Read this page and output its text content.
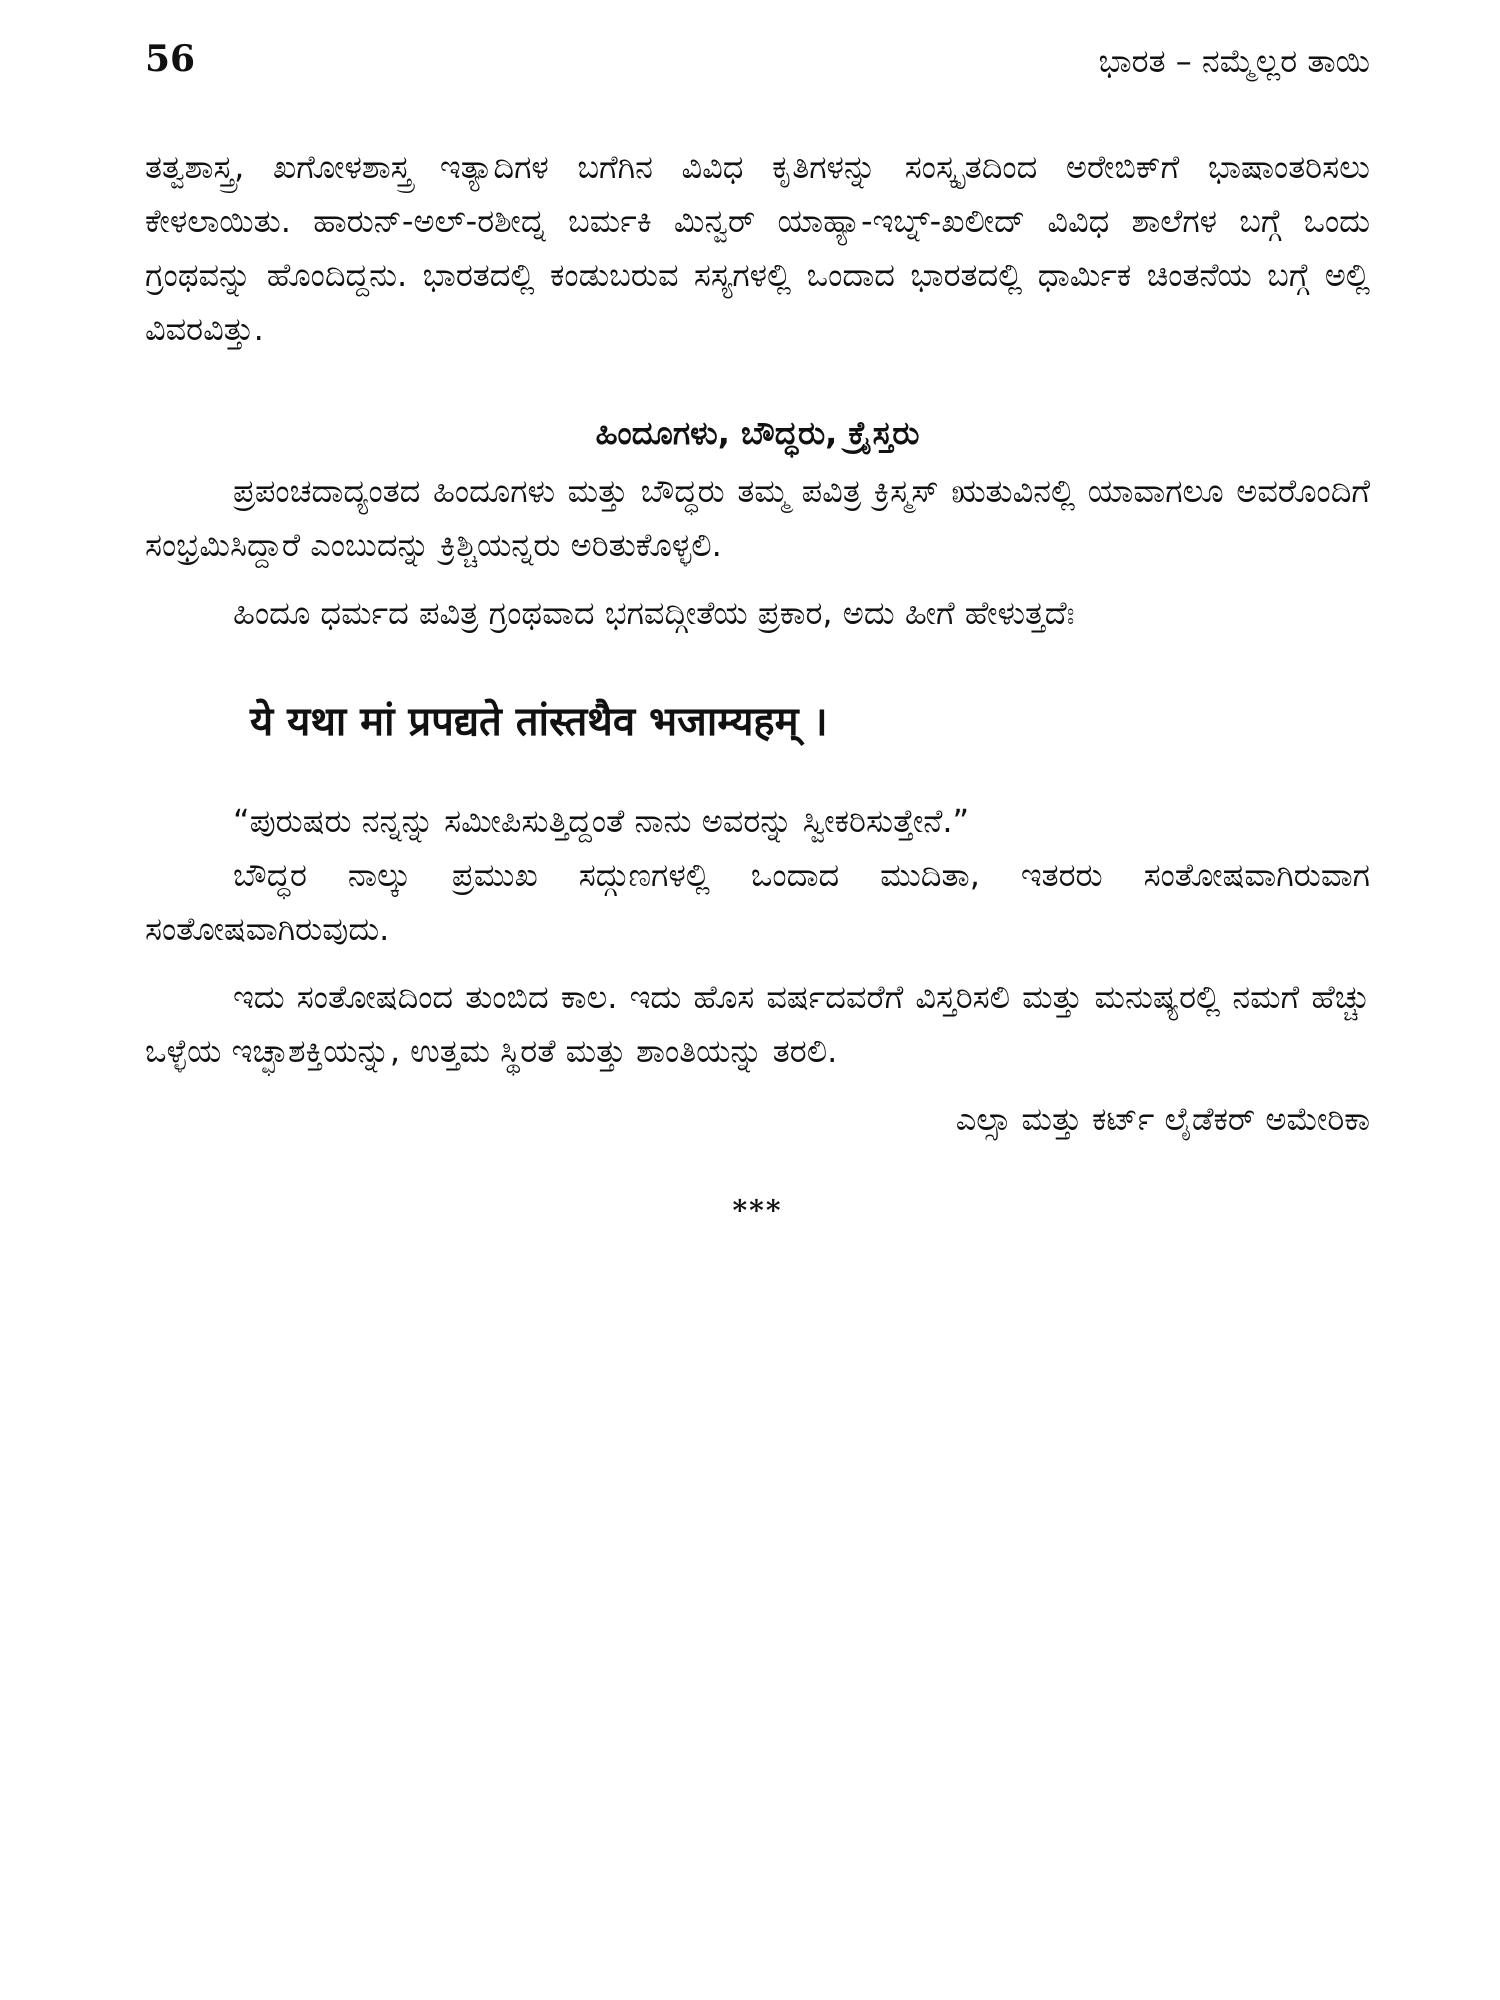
56	ಭಾರತ – ನಮ್ಮೆಲ್ಲರ ತಾಯಿ

ತತ್ವಶಾಸ್ತ್ರ, ಖಗೋಳಶಾಸ್ತ್ರ ಇತ್ಯಾದಿಗಳ ಬಗೆಗಿನ ವಿವಿಧ ಕೃತಿಗಳನ್ನು ಸಂಸ್ಕೃತದಿಂದ ಅರೇಬಿಕ್‌ಗೆ ಭಾಷಾಂತರಿಸಲು ಕೇಳಲಾಯಿತು. ಹಾರುನ್-ಅಲ್-ರಶೀದ್ನ ಬರ್ಮಕಿ ಮಿನ್ವರ್ ಯಾಹ್ಯಾ-ಇಬ್ನ್-ಖಲೀದ್ ವಿವಿಧ ಶಾಲೆಗಳ ಬಗ್ಗೆ ಒಂದು ಗ್ರಂಥವನ್ನು ಹೊಂದಿದ್ದನು. ಭಾರತದಲ್ಲಿ ಕಂಡುಬರುವ ಸಸ್ಯಗಳಲ್ಲಿ ಒಂದಾದ ಭಾರತದಲ್ಲಿ ಧಾರ್ಮಿಕ ಚಿಂತನೆಯ ಬಗ್ಗೆ ಅಲ್ಲಿ ವಿವರವಿತ್ತು.

ಹಿಂದೂಗಳು, ಬೌದ್ಧರು, ಕ್ರೈಸ್ತರು

ಪ್ರಪಂಚದಾದ್ಯಂತದ ಹಿಂದೂಗಳು ಮತ್ತು ಬೌದ್ಧರು ತಮ್ಮ ಪವಿತ್ರ ಕ್ರಿಸ್ಮಸ್ ಋತುವಿನಲ್ಲಿ ಯಾವಾಗಲೂ ಅವರೊಂದಿಗೆ ಸಂಭ್ರಮಿಸಿದ್ದಾರೆ ಎಂಬುದನ್ನು ಕ್ರಿಶ್ಚಿಯನ್ನರು ಅರಿತುಕೊಳ್ಳಲಿ.

ಹಿಂದೂ ಧರ್ಮದ ಪವಿತ್ರ ಗ್ರಂಥವಾದ ಭಗವದ್ಗೀತೆಯ ಪ್ರಕಾರ, ಅದು ಹೀಗೆ ಹೇಳುತ್ತದೆಃ

ये यथा मां प्रपद्यते तांस्तथैव भजाम्यहम् ।

“ಪುರುಷರು ನನ್ನನ್ನು ಸಮೀಪಿಸುತ್ತಿದ್ದಂತೆ ನಾನು ಅವರನ್ನು ಸ್ವೀಕರಿಸುತ್ತೇನೆ.”

ಬೌದ್ಧರ ನಾಲ್ಕು ಪ್ರಮುಖ ಸದ್ಗುಣಗಳಲ್ಲಿ ಒಂದಾದ ಮುದಿತಾ, ಇತರರು ಸಂತೋಷವಾಗಿರುವಾಗ ಸಂತೋಷವಾಗಿರುವುದು.

ಇದು ಸಂತೋಷದಿಂದ ತುಂಬಿದ ಕಾಲ. ಇದು ಹೊಸ ವರ್ಷದವರೆಗೆ ವಿಸ್ತರಿಸಲಿ ಮತ್ತು ಮನುಷ್ಯರಲ್ಲಿ ನಮಗೆ ಹೆಚ್ಚು ಒಳ್ಳೆಯ ಇಚ್ಛಾಶಕ್ತಿಯನ್ನು, ಉತ್ತಮ ಸ್ಥಿರತೆ ಮತ್ತು ಶಾಂತಿಯನ್ನು ತರಲಿ.

ಎಲ್ಸಾ ಮತ್ತು ಕರ್ಟ್ ಲೈಡೆಕರ್ ಅಮೇರಿಕಾ
***
